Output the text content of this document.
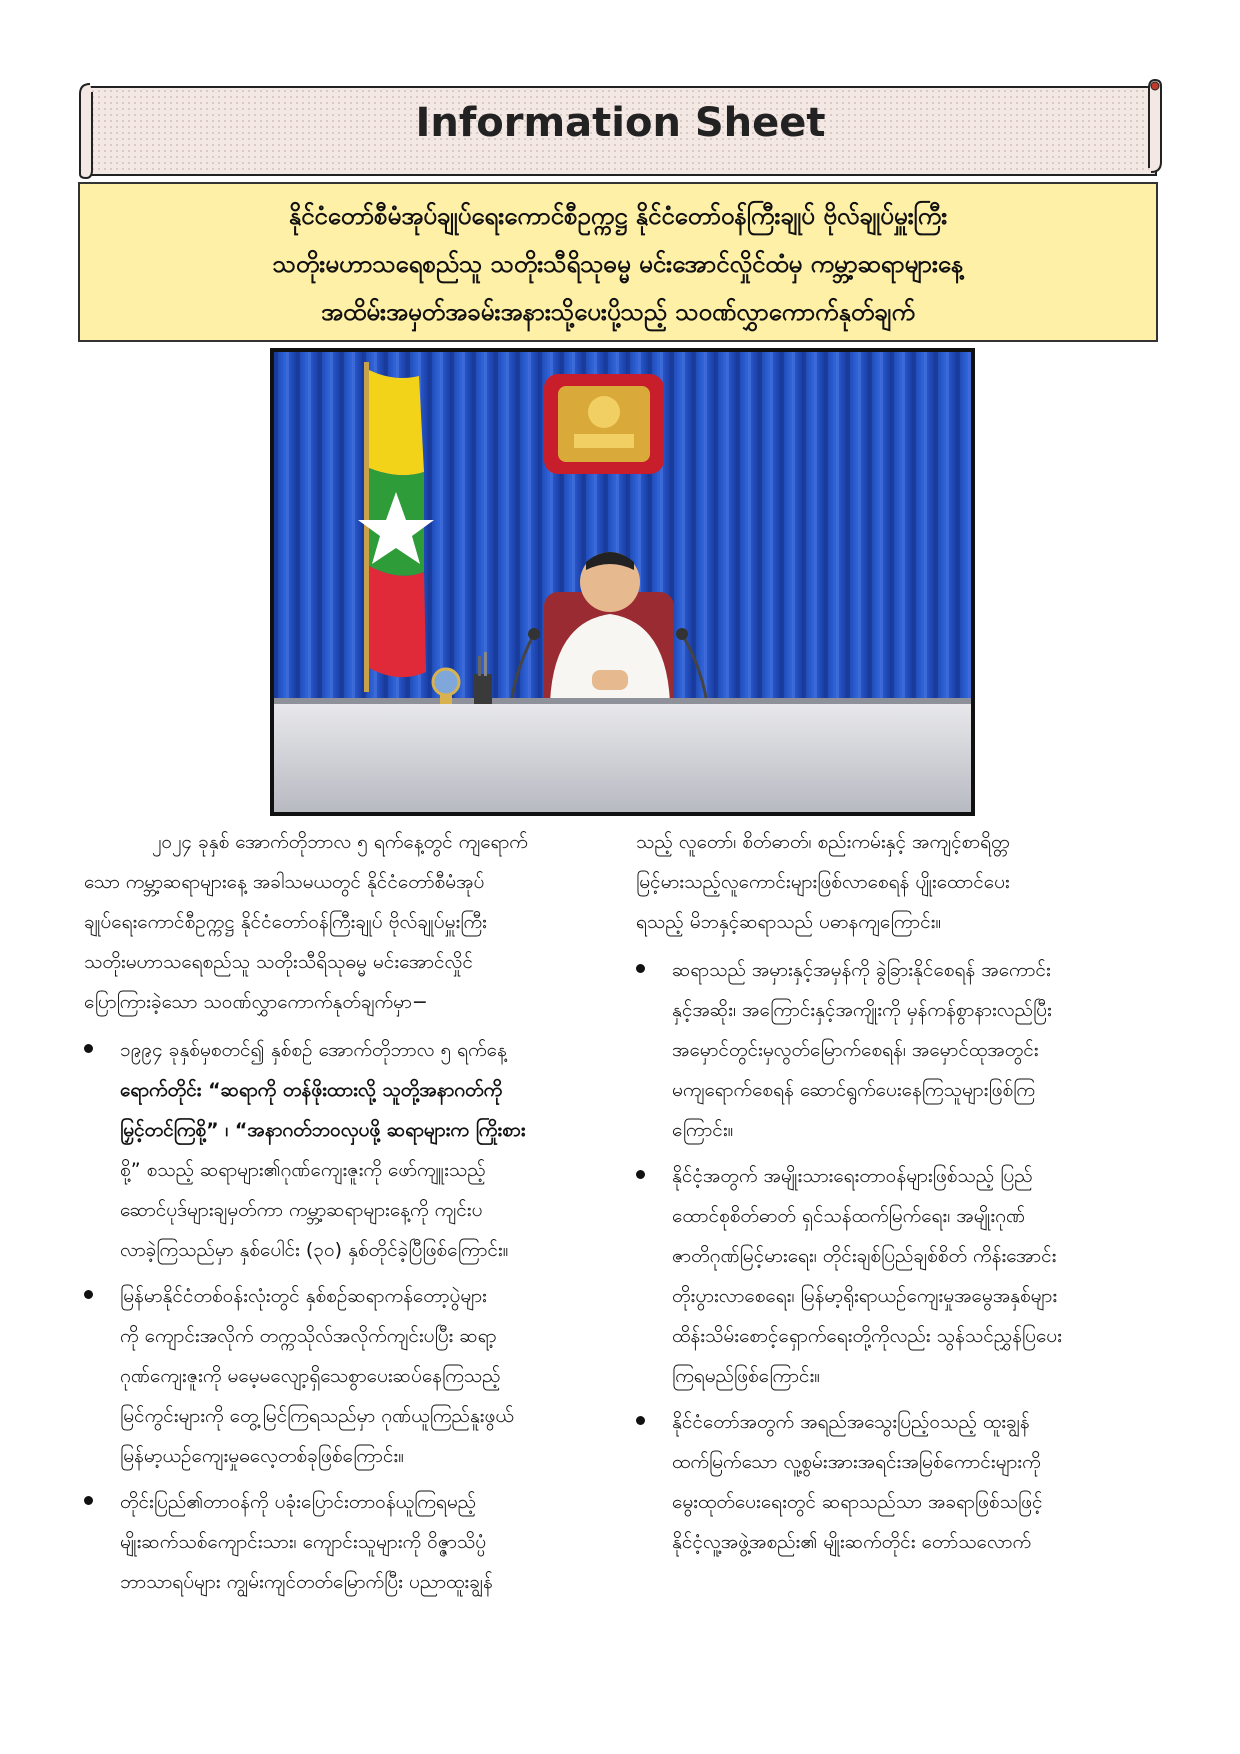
Information Sheet
နိုင်ငံတော်စီမံအုပ်ချုပ်ရေးကောင်စီဥက္ကဋ္ဌ နိုင်ငံတော်ဝန်ကြီးချုပ် ဗိုလ်ချုပ်မှူးကြီး
သတိုးမဟာသရေစည်သူ သတိုးသီရိသုဓမ္မ မင်းအောင်လှိုင်ထံမှ ကမ္ဘာ့ဆရာများနေ့
အထိမ်းအမှတ်အခမ်းအနားသို့ပေးပို့သည့် သဝဏ်လွှာကောက်နုတ်ချက်
၂၀၂၄ ခုနှစ် အောက်တိုဘာလ ၅ ရက်နေ့တွင် ကျရောက်
သော ကမ္ဘာ့ဆရာများနေ့ အခါသမယတွင် နိုင်ငံတော်စီမံအုပ်
ချုပ်ရေးကောင်စီဥက္ကဋ္ဌ နိုင်ငံတော်ဝန်ကြီးချုပ် ဗိုလ်ချုပ်မှူးကြီး
သတိုးမဟာသရေစည်သူ သတိုးသီရိသုဓမ္မ မင်းအောင်လှိုင်
ပြောကြားခဲ့သော သဝဏ်လွှာကောက်နုတ်ချက်မှာ−
၁၉၉၄ ခုနှစ်မှစတင်၍ နှစ်စဉ် အောက်တိုဘာလ ၅ ရက်နေ့
ရောက်တိုင်း “ဆရာကို တန်ဖိုးထားလို့ သူတို့အနာဂတ်ကို
မြှင့်တင်ကြစို့” ၊ “အနာဂတ်ဘဝလှပဖို့ ဆရာများက ကြိုးစား
စို့” စသည့် ဆရာများ၏ဂုဏ်ကျေးဇူးကို ဖော်ကျူးသည့်
ဆောင်ပုဒ်များချမှတ်ကာ ကမ္ဘာ့ဆရာများနေ့ကို ကျင်းပ
လာခဲ့ကြသည်မှာ နှစ်ပေါင်း (၃၀) နှစ်တိုင်ခဲ့ပြီဖြစ်ကြောင်း။
မြန်မာနိုင်ငံတစ်ဝန်းလုံးတွင် နှစ်စဉ်ဆရာကန်တော့ပွဲများ
ကို ကျောင်းအလိုက် တက္ကသိုလ်အလိုက်ကျင်းပပြီး ဆရာ့
ဂုဏ်ကျေးဇူးကို မမေ့မလျော့ရှိသေစွာပေးဆပ်နေကြသည့်
မြင်ကွင်းများကို တွေ့မြင်ကြရသည်မှာ ဂုဏ်ယူကြည်နူးဖွယ်
မြန်မာ့ယဉ်ကျေးမှုဓလေ့တစ်ခုဖြစ်ကြောင်း။
တိုင်းပြည်၏တာဝန်ကို ပခုံးပြောင်းတာဝန်ယူကြရမည့်
မျိုးဆက်သစ်ကျောင်းသား၊ ကျောင်းသူများကို ဝိဇ္ဇာသိပ္ပံ
ဘာသာရပ်များ ကျွမ်းကျင်တတ်မြောက်ပြီး ပညာထူးချွန်
သည့် လူတော်၊ စိတ်ဓာတ်၊ စည်းကမ်းနှင့် အကျင့်စာရိတ္တ
မြင့်မားသည့်လူကောင်းများဖြစ်လာစေရန် ပျိုးထောင်ပေး
ရသည့် မိဘနှင့်ဆရာသည် ပဓာနကျကြောင်း။
ဆရာသည် အမှားနှင့်အမှန်ကို ခွဲခြားနိုင်စေရန် အကောင်း
နှင့်အဆိုး၊ အကြောင်းနှင့်အကျိုးကို မှန်ကန်စွာနားလည်ပြီး
အမှောင်တွင်းမှလွတ်မြောက်စေရန်၊ အမှောင်ထုအတွင်း
မကျရောက်စေရန် ဆောင်ရွက်ပေးနေကြသူများဖြစ်ကြ
ကြောင်း။
နိုင်ငံ့အတွက် အမျိုးသားရေးတာဝန်များဖြစ်သည့် ပြည်
ထောင်စုစိတ်ဓာတ် ရှင်သန်ထက်မြက်ရေး၊ အမျိုးဂုဏ်
ဇာတိဂုဏ်မြင့်မားရေး၊ တိုင်းချစ်ပြည်ချစ်စိတ် ကိန်းအောင်း
တိုးပွားလာစေရေး၊ မြန်မာ့ရိုးရာယဉ်ကျေးမှုအမွေအနှစ်များ
ထိန်းသိမ်းစောင့်ရှောက်ရေးတို့ကိုလည်း သွန်သင်ညွှန်ပြပေး
ကြရမည်ဖြစ်ကြောင်း။
နိုင်ငံတော်အတွက် အရည်အသွေးပြည့်ဝသည့် ထူးချွန်
ထက်မြက်သော လူ့စွမ်းအားအရင်းအမြစ်ကောင်းများကို
မွေးထုတ်ပေးရေးတွင် ဆရာသည်သာ အခရာဖြစ်သဖြင့်
နိုင်ငံ့လူ့အဖွဲ့အစည်း၏ မျိုးဆက်တိုင်း တော်သလောက်
